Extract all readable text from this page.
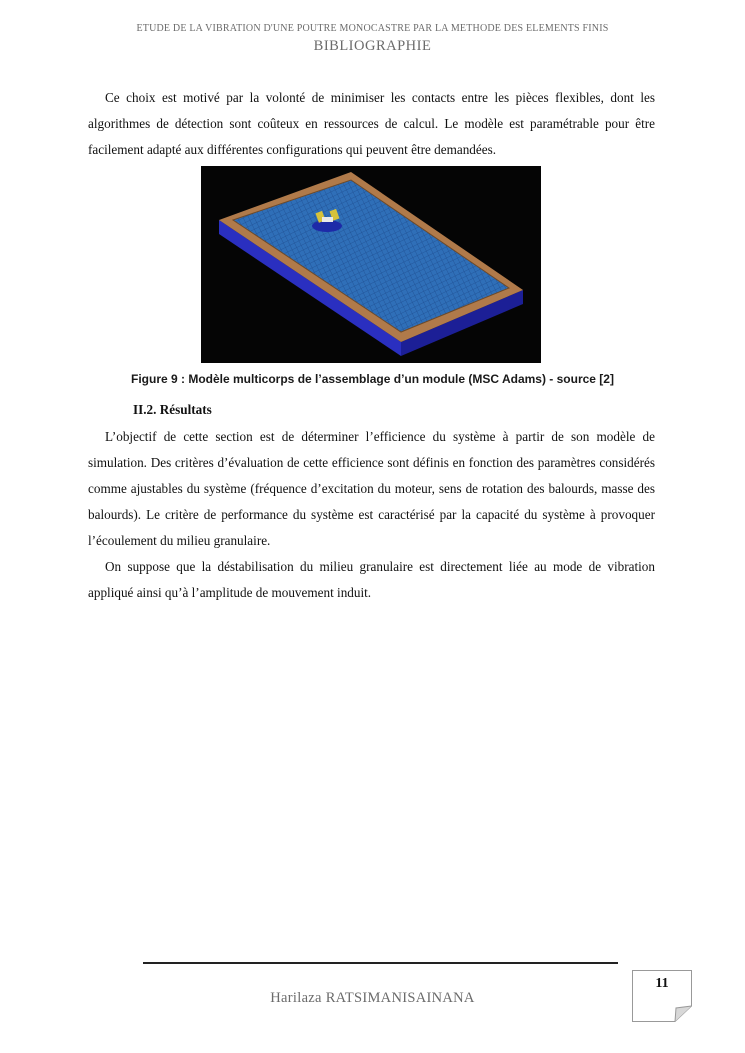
ETUDE DE LA VIBRATION D'UNE POUTRE MONOCASTRE PAR LA METHODE DES ELEMENTS FINIS
BIBLIOGRAPHIE

Ce choix est motivé par la volonté de minimiser les contacts entre les pièces flexibles, dont les algorithmes de détection sont coûteux en ressources de calcul. Le modèle est paramétrable pour être facilement adapté aux différentes configurations qui peuvent être demandées.

Figure 9 : Modèle multicorps de l’assemblage d’un module (MSC Adams) - source [2]
II.2. Résultats

L’objectif de cette section est de déterminer l’efficience du système à partir de son modèle de simulation. Des critères d’évaluation de cette efficience sont définis en fonction des paramètres considérés comme ajustables du système (fréquence d’excitation du moteur, sens de rotation des balourds, masse des balourds). Le critère de performance du système est caractérisé par la capacité du système à provoquer l’écoulement du milieu granulaire.

On suppose que la déstabilisation du milieu granulaire est directement liée au mode de vibration appliqué ainsi qu’à l’amplitude de mouvement induit.

Harilaza RATSIMANISAINANA
11
